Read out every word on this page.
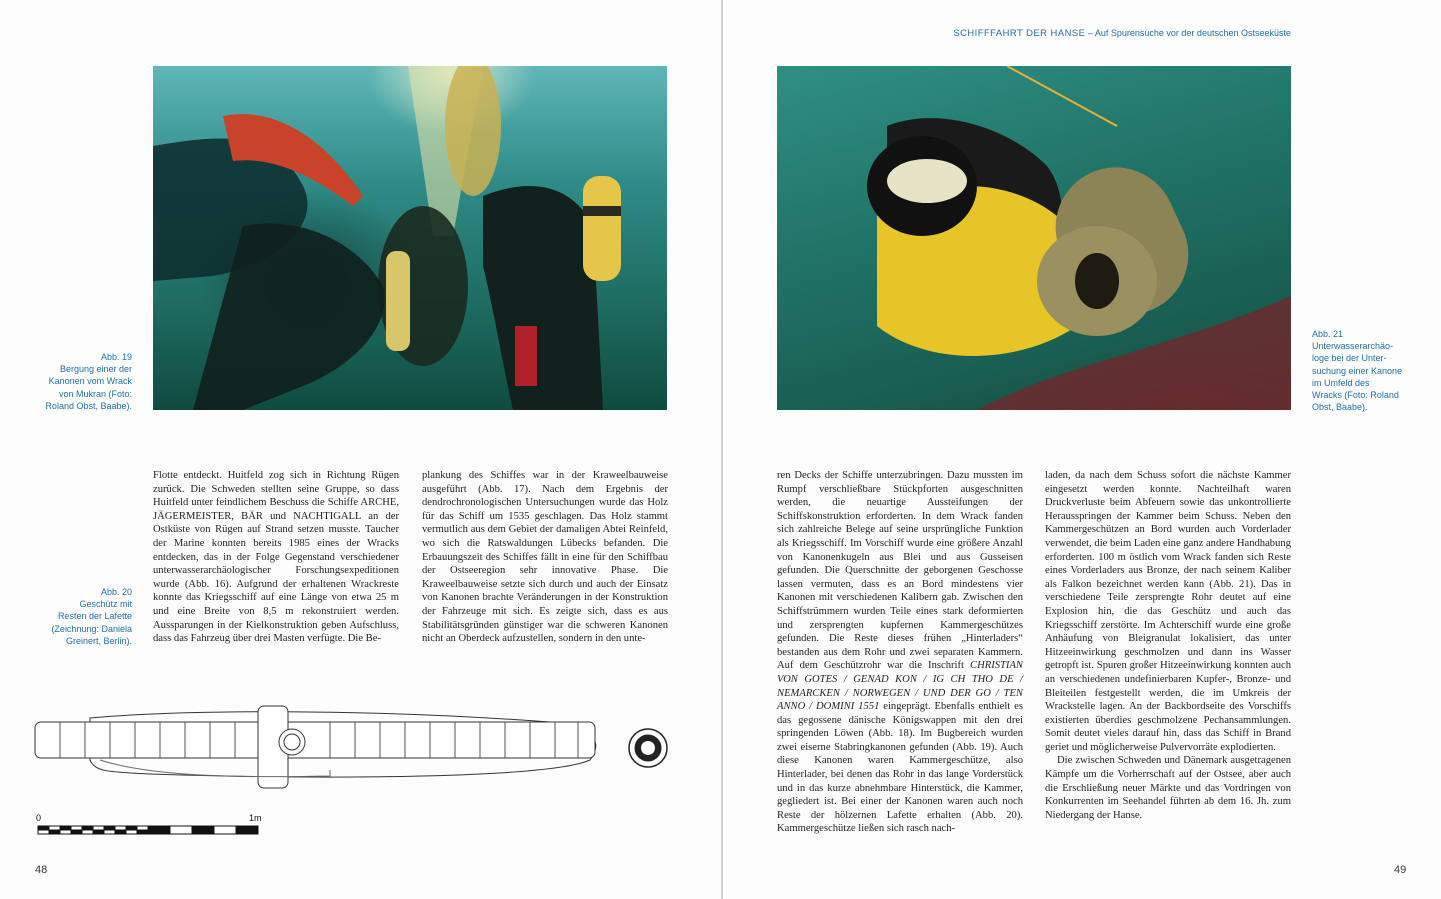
SCHIFFFAHRT DER HANSE – Auf Spurensuche vor der deutschen Ostseeküste
Abb. 19
Bergung einer der
Kanonen vom Wrack
von Mukran (Foto:
Roland Obst, Baabe).
Abb. 20
Geschütz mit
Resten der Lafette
(Zeichnung: Daniela
Greinert, Berlin).
Abb. 21
Unterwasserarchäo-
loge bei der Unter-
suchung einer Kanone
im Umfeld des
Wracks (Foto: Roland
Obst, Baabe).

Flotte entdeckt. Huitfeld zog sich in Richtung Rügen zurück. Die Schweden stellten seine Gruppe, so dass Huitfeld unter feindlichem Beschuss die Schiffe ARCHE, JÄGERMEISTER, BÄR und NACHTIGALL an der Ostküste von Rügen auf Strand setzen musste. Taucher der Marine konnten bereits 1985 eines der Wracks entdecken, das in der Folge Gegenstand verschiedener unterwasserarchäologischer Forschungsexpeditionen wurde (Abb. 16). Aufgrund der erhaltenen Wrackreste konnte das Kriegsschiff auf eine Länge von etwa 25 m und eine Breite von 8,5 m rekonstruiert werden. Aussparungen in der Kielkonstruktion geben Aufschluss, dass das Fahrzeug über drei Masten verfügte. Die Be-

plankung des Schiffes war in der Kraweelbauweise ausgeführt (Abb. 17). Nach dem Ergebnis der dendrochronologischen Untersuchungen wurde das Holz für das Schiff um 1535 geschlagen. Das Holz stammt vermutlich aus dem Gebiet der damaligen Abtei Reinfeld, wo sich die Ratswaldungen Lübecks befanden. Die Erbauungszeit des Schiffes fällt in eine für den Schiffbau der Ostseeregion sehr innovative Phase. Die Kraweelbauweise setzte sich durch und auch der Einsatz von Kanonen brachte Veränderungen in der Konstruktion der Fahrzeuge mit sich. Es zeigte sich, dass es aus Stabilitätsgründen günstiger war die schweren Kanonen nicht an Oberdeck aufzustellen, sondern in den unte-

ren Decks der Schiffe unterzubringen. Dazu mussten im Rumpf verschließbare Stückpforten ausgeschnitten werden, die neuartige Aussteifungen der Schiffskonstruktion erforderten. In dem Wrack fanden sich zahlreiche Belege auf seine ursprüngliche Funktion als Kriegsschiff. Im Vorschiff wurde eine größere Anzahl von Kanonenkugeln aus Blei und aus Gusseisen gefunden. Die Querschnitte der geborgenen Geschosse lassen vermuten, dass es an Bord mindestens vier Kanonen mit verschiedenen Kalibern gab. Zwischen den Schiffstrümmern wurden Teile eines stark deformierten und zersprengten kupfernen Kammergeschützes gefunden. Die Reste dieses frühen „Hinterladers“ bestanden aus dem Rohr und zwei separaten Kammern. Auf dem Geschützrohr war die Inschrift CHRISTIAN VON GOTES / GENAD KON / IG CH THO DE / NEMARCKEN / NORWEGEN / UND DER GO / TEN ANNO / DOMINI 1551 eingeprägt. Ebenfalls enthielt es das gegossene dänische Königswappen mit den drei springenden Löwen (Abb. 18). Im Bugbereich wurden zwei eiserne Stabringkanonen gefunden (Abb. 19). Auch diese Kanonen waren Kammergeschütze, also Hinterlader, bei denen das Rohr in das lange Vorderstück und in das kurze abnehmbare Hinterstück, die Kammer, gegliedert ist. Bei einer der Kanonen waren auch noch Reste der hölzernen Lafette erhalten (Abb. 20). Kammergeschütze ließen sich rasch nach-

laden, da nach dem Schuss sofort die nächste Kammer eingesetzt werden konnte. Nachteilhaft waren Druckverluste beim Abfeuern sowie das unkontrollierte Herausspringen der Kammer beim Schuss. Neben den Kammergeschützen an Bord wurden auch Vorderlader verwendet, die beim Laden eine ganz andere Handhabung erforderten. 100 m östlich vom Wrack fanden sich Reste eines Vorderladers aus Bronze, der nach seinem Kaliber als Falkon bezeichnet werden kann (Abb. 21). Das in verschiedene Teile zersprengte Rohr deutet auf eine Explosion hin, die das Geschütz und auch das Kriegsschiff zerstörte. Im Achterschiff wurde eine große Anhäufung von Bleigranulat lokalisiert, das unter Hitzeeinwirkung geschmolzen und dann ins Wasser getropft ist. Spuren großer Hitzeeinwirkung konnten auch an verschiedenen undefinierbaren Kupfer-, Bronze- und Bleiteilen festgestellt werden, die im Umkreis der Wrackstelle lagen. An der Backbordseite des Vorschiffs existierten überdies geschmolzene Pechansammlungen. Somit deutet vieles darauf hin, dass das Schiff in Brand geriet und möglicherweise Pulvervorräte explodierten.

Die zwischen Schweden und Dänemark ausgetragenen Kämpfe um die Vorherrschaft auf der Ostsee, aber auch die Erschließung neuer Märkte und das Vordringen von Konkurrenten im Seehandel führten ab dem 16. Jh. zum Niedergang der Hanse.

0	1m
48	49
